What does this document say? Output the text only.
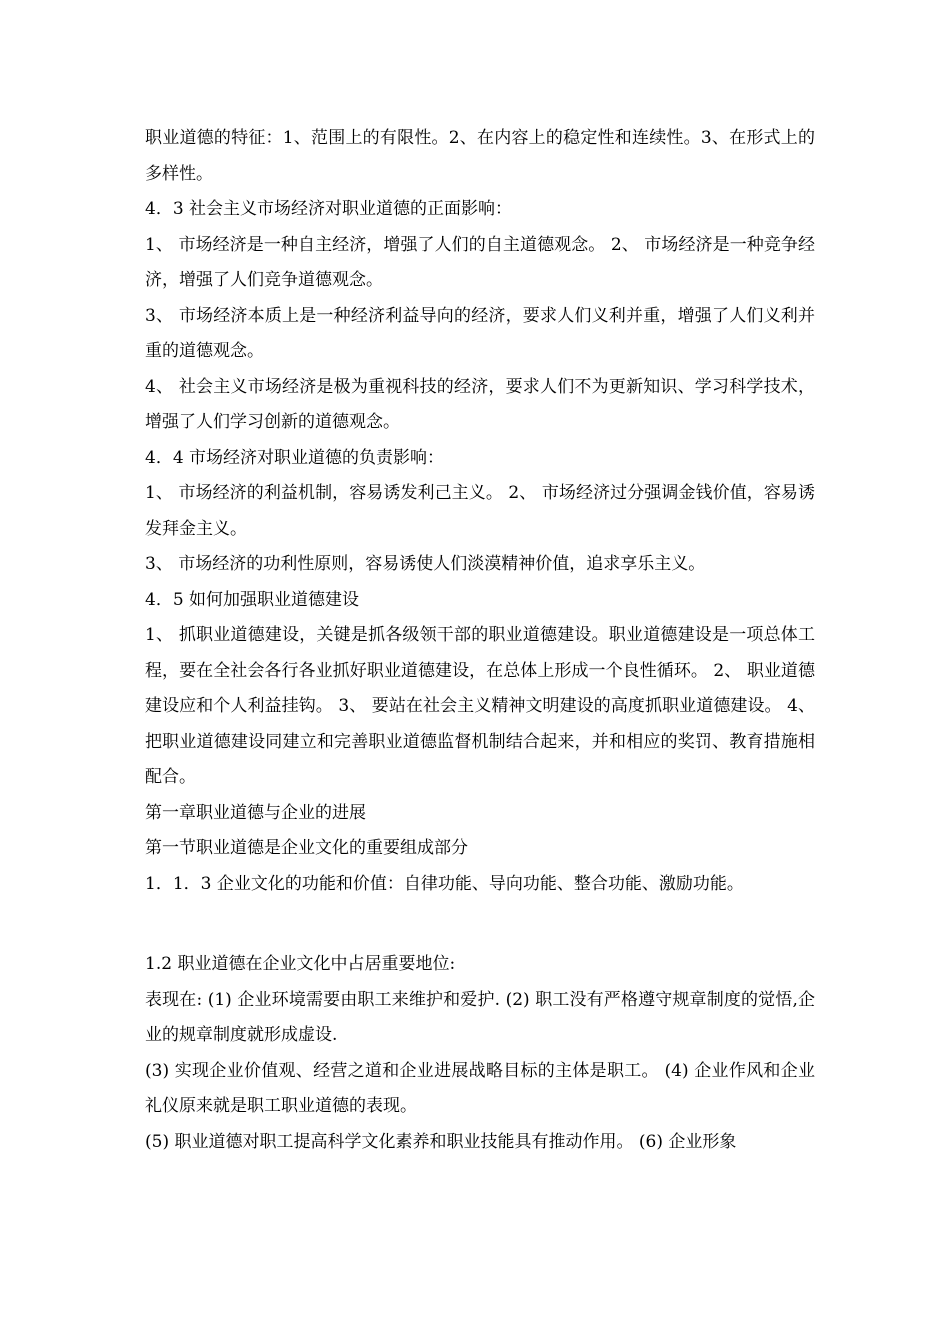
职业道德的特征：1、范围上的有限性。2、在内容上的稳定性和连续性。3、在形式上的多样性。

4．3 社会主义市场经济对职业道德的正面影响：

1、 市场经济是一种自主经济，增强了人们的自主道德观念。 2、 市场经济是一种竞争经济，增强了人们竞争道德观念。

3、 市场经济本质上是一种经济利益导向的经济，要求人们义利并重，增强了人们义利并重的道德观念。

4、 社会主义市场经济是极为重视科技的经济，要求人们不为更新知识、学习科学技术，增强了人们学习创新的道德观念。

4．4 市场经济对职业道德的负责影响：

1、 市场经济的利益机制，容易诱发利己主义。 2、 市场经济过分强调金钱价值，容易诱发拜金主义。

3、 市场经济的功利性原则，容易诱使人们淡漠精神价值，追求享乐主义。

4．5 如何加强职业道德建设

1、 抓职业道德建设，关键是抓各级领干部的职业道德建设。职业道德建设是一项总体工程，要在全社会各行各业抓好职业道德建设，在总体上形成一个良性循环。 2、 职业道德建设应和个人利益挂钩。 3、 要站在社会主义精神文明建设的高度抓职业道德建设。 4、 把职业道德建设同建立和完善职业道德监督机制结合起来，并和相应的奖罚、教育措施相配合。

第一章职业道德与企业的进展

第一节职业道德是企业文化的重要组成部分

1．1．3 企业文化的功能和价值：自律功能、导向功能、整合功能、激励功能。

1.2 职业道德在企业文化中占居重要地位:

表现在: (1) 企业环境需要由职工来维护和爱护. (2) 职工没有严格遵守规章制度的觉悟,企业的规章制度就形成虚设.

(3) 实现企业价值观、经营之道和企业进展战略目标的主体是职工。 (4) 企业作风和企业礼仪原来就是职工职业道德的表现。

(5) 职业道德对职工提高科学文化素养和职业技能具有推动作用。 (6) 企业形象
